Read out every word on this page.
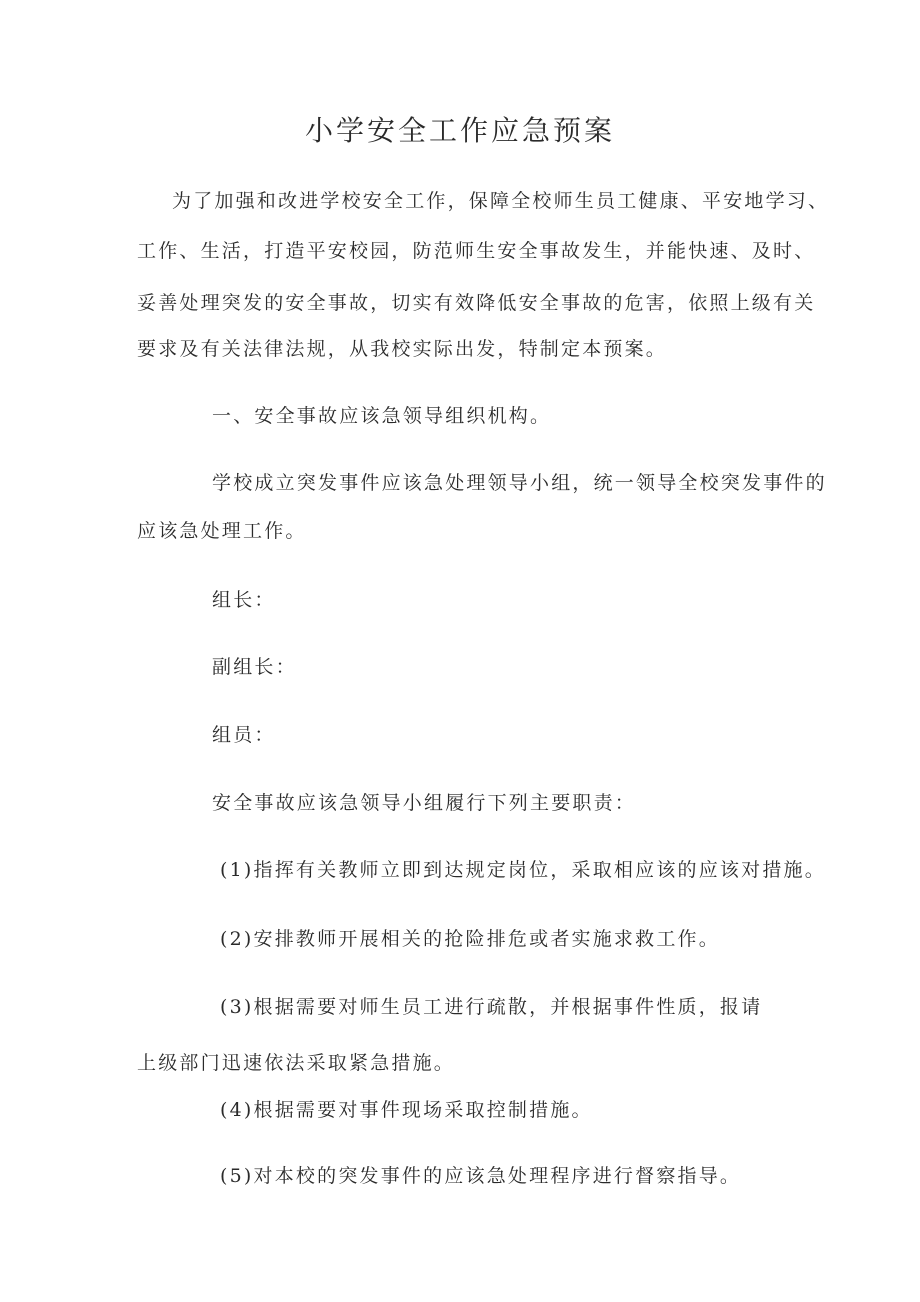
小学安全工作应急预案
为了加强和改进学校安全工作，保障全校师生员工健康、平安地学习、
工作、生活，打造平安校园，防范师生安全事故发生，并能快速、及时、
妥善处理突发的安全事故，切实有效降低安全事故的危害，依照上级有关
要求及有关法律法规，从我校实际出发，特制定本预案。
一、安全事故应该急领导组织机构。
学校成立突发事件应该急处理领导小组，统一领导全校突发事件的
应该急处理工作。
组长：
副组长：
组员：
安全事故应该急领导小组履行下列主要职责：
(1)指挥有关教师立即到达规定岗位，采取相应该的应该对措施。
(2)安排教师开展相关的抢险排危或者实施求救工作。
(3)根据需要对师生员工进行疏散，并根据事件性质，报请
上级部门迅速依法采取紧急措施。
(4)根据需要对事件现场采取控制措施。
(5)对本校的突发事件的应该急处理程序进行督察指导。
